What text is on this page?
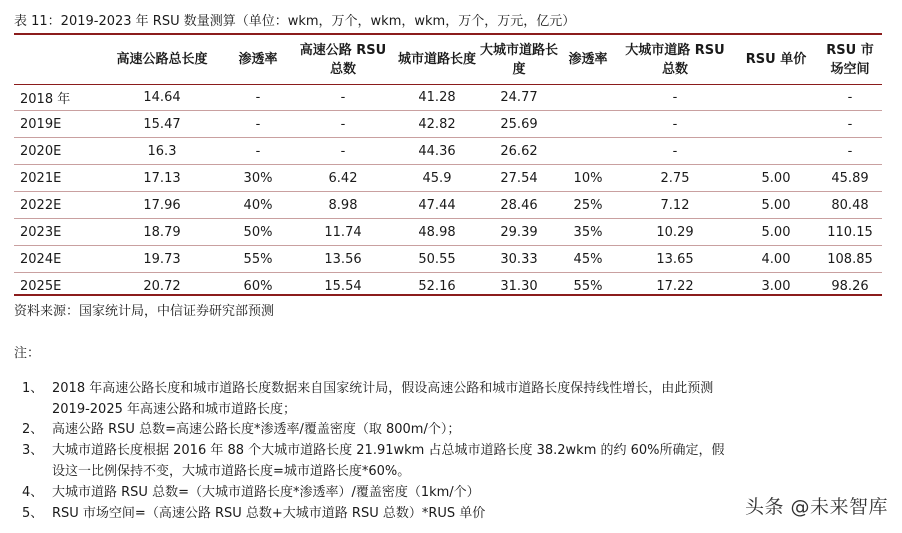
表 11：2019-2023 年 RSU 数量测算（单位：wkm，万个，wkm，wkm，万个，万元，亿元）
	高速公路总长度	渗透率	高速公路 RSU 总数	城市道路长度	大城市道路长度	渗透率	大城市道路 RSU 总数	RSU 单价	RSU 市场空间
2018 年	14.64	-	-	41.28	24.77		-		-
2019E	15.47	-	-	42.82	25.69		-		-
2020E	16.3	-	-	44.36	26.62		-		-
2021E	17.13	30%	6.42	45.9	27.54	10%	2.75	5.00	45.89
2022E	17.96	40%	8.98	47.44	28.46	25%	7.12	5.00	80.48
2023E	18.79	50%	11.74	48.98	29.39	35%	10.29	5.00	110.15
2024E	19.73	55%	13.56	50.55	30.33	45%	13.65	4.00	108.85
2025E	20.72	60%	15.54	52.16	31.30	55%	17.22	3.00	98.26
资料来源：国家统计局，中信证券研究部预测
注：
1、 2018 年高速公路长度和城市道路长度数据来自国家统计局，假设高速公路和城市道路长度保持线性增长，由此预测 2019-2025 年高速公路和城市道路长度；
2、 高速公路 RSU 总数=高速公路长度*渗透率/覆盖密度（取 800m/个）；
3、 大城市道路长度根据 2016 年 88 个大城市道路长度 21.91wkm 占总城市道路长度 38.2wkm 的约 60%所确定，假设这一比例保持不变，大城市道路长度=城市道路长度*60%。
4、 大城市道路 RSU 总数=（大城市道路长度*渗透率）/覆盖密度（1km/个）
5、 RSU 市场空间=（高速公路 RSU 总数+大城市道路 RSU 总数）*RUS 单价	头条 @未来智库
